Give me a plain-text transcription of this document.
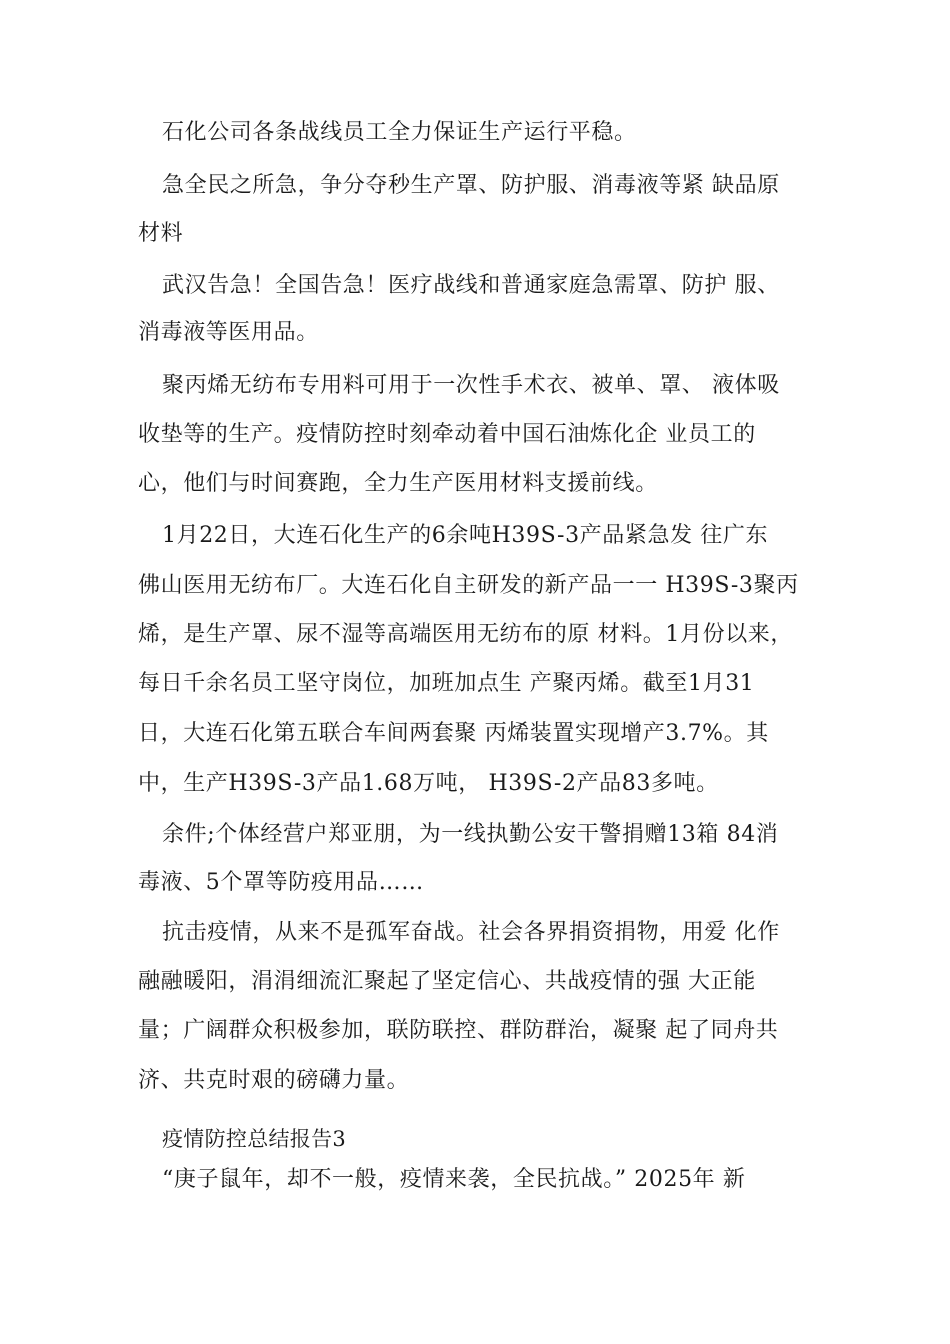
石化公司各条战线员工全力保证生产运行平稳。
急全民之所急，争分夺秒生产罩、防护服、消毒液等紧 缺品原
材料
武汉告急！全国告急！医疗战线和普通家庭急需罩、防护 服、
消毒液等医用品。
聚丙烯无纺布专用料可用于一次性手术衣、被单、罩、 液体吸
收垫等的生产。疫情防控时刻牵动着中国石油炼化企 业员工的
心，他们与时间赛跑，全力生产医用材料支援前线。
1月22日，大连石化生产的6余吨H39S-3产品紧急发 往广东
佛山医用无纺布厂。大连石化自主研发的新产品一一 H39S-3聚丙
烯，是生产罩、尿不湿等高端医用无纺布的原 材料。1月份以来，
每日千余名员工坚守岗位，加班加点生 产聚丙烯。截至1月31
日，大连石化第五联合车间两套聚 丙烯装置实现增产3.7%。其
中，生产H39S-3产品1.68万吨， H39S-2产品83多吨。
余件;个体经营户郑亚朋，为一线执勤公安干警捐赠13箱 84消
毒液、5个罩等防疫用品……
抗击疫情，从来不是孤军奋战。社会各界捐资捐物，用爱 化作
融融暖阳，涓涓细流汇聚起了坚定信心、共战疫情的强 大正能
量；广阔群众积极参加，联防联控、群防群治，凝聚 起了同舟共
济、共克时艰的磅礴力量。
疫情防控总结报告3
“庚子鼠年，却不一般，疫情来袭，全民抗战。” 2025年 新
